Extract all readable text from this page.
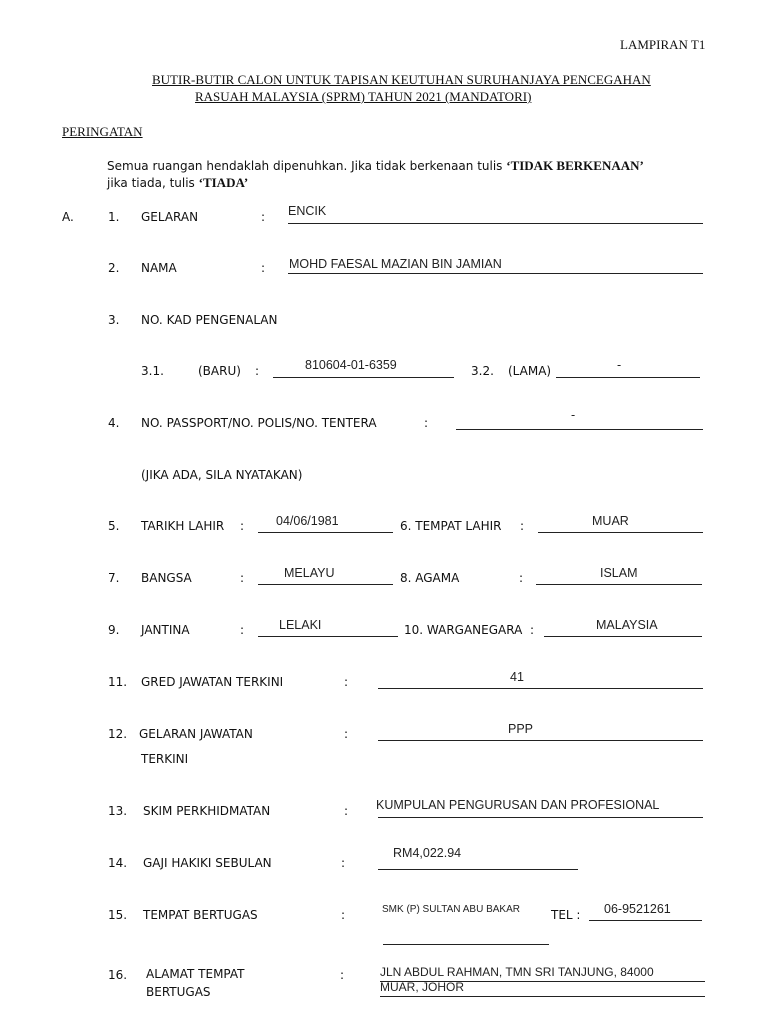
LAMPIRAN T1
BUTIR-BUTIR CALON UNTUK TAPISAN KEUTUHAN SURUHANJAYA PENCEGAHAN
RASUAH MALAYSIA (SPRM) TAHUN 2021 (MANDATORI)
PERINGATAN
Semua ruangan hendaklah dipenuhkan. Jika tidak berkenaan tulis ‘TIDAK BERKENAAN’
jika tiada, tulis ‘TIADA’
A.	1. GELARAN	: ENCIK
2. NAMA	: MOHD FAESAL MAZIAN BIN JAMIAN
3. NO. KAD PENGENALAN
3.1.	(BARU) :	810604-01-6359	3.2. (LAMA)	-
4. NO. PASSPORT/NO. POLIS/NO. TENTERA	:
-
(JIKA ADA, SILA NYATAKAN)
5. TARIKH LAHIR :	04/06/1981	6. TEMPAT LAHIR :	MUAR
7. BANGSA	:	MELAYU	8. AGAMA	:	ISLAM
9. JANTINA	:	LELAKI	10. WARGANEGARA :	MALAYSIA
11. GRED JAWATAN TERKINI	:	41
12. GELARAN JAWATAN
TERKINI
:	PPP
13. SKIM PERKHIDMATAN	: KUMPULAN PENGURUSAN DAN PROFESIONAL
14. GAJI HAKIKI SEBULAN	:
RM4,022.94
15. TEMPAT BERTUGAS	:	SMK (P) SULTAN ABU BAKAR	TEL : 06-9521261
16. ALAMAT TEMPAT
BERTUGAS
:	JLN ABDUL RAHMAN, TMN SRI TANJUNG, 84000
MUAR, JOHOR
